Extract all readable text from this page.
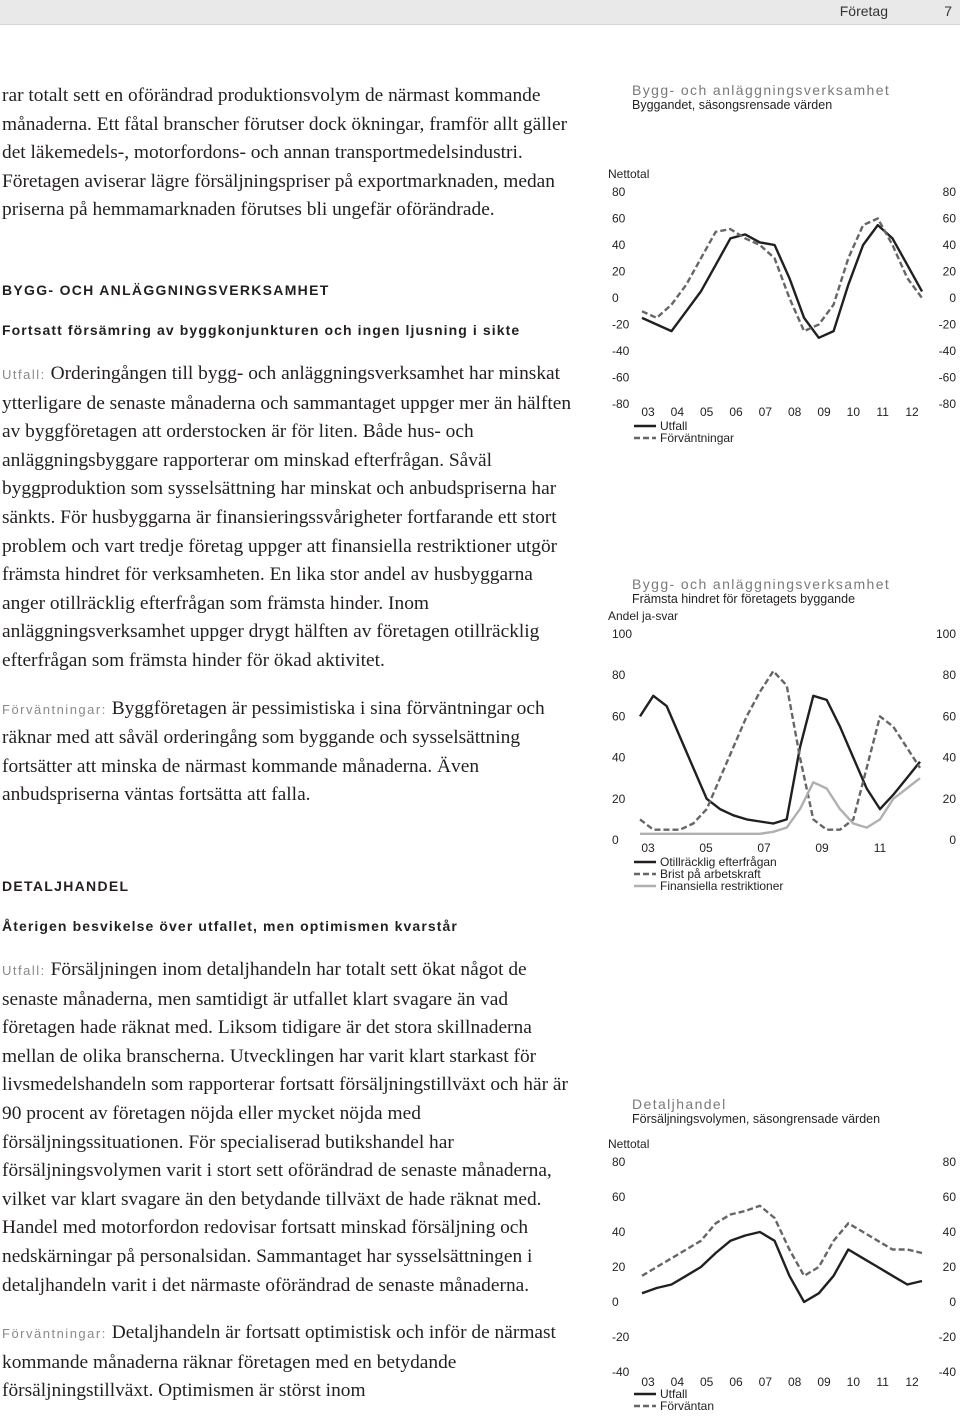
Företag	7

rar totalt sett en oförändrad produktionsvolym de närmast kommande månaderna. Ett fåtal branscher förutser dock ökningar, framför allt gäller det läkemedels-, motorfordons- och annan transportmedelsindustri. Företagen aviserar lägre försäljningspriser på exportmarknaden, medan priserna på hemmamarknaden förutses bli ungefär oförändrade.

BYGG- OCH ANLÄGGNINGSVERKSAMHET
Fortsatt försämring av byggkonjunkturen och ingen ljusning i sikte

Utfall: Orderingången till bygg- och anläggningsverksamhet har minskat ytterligare de senaste månaderna och sammantaget uppger mer än hälften av byggföretagen att orderstocken är för liten. Både hus- och anläggningsbyggare rapporterar om minskad efterfrågan. Såväl byggproduktion som sysselsättning har minskat och anbudspriserna har sänkts. För husbyggarna är finansieringssvårigheter fortfarande ett stort problem och vart tredje företag uppger att finansiella restriktioner utgör främsta hindret för verksamheten. En lika stor andel av husbyggarna anger otillräcklig efterfrågan som främsta hinder. Inom anläggningsverksamhet uppger drygt hälften av företagen otillräcklig efterfrågan som främsta hinder för ökad aktivitet.

Förväntningar: Byggföretagen är pessimistiska i sina förväntningar och räknar med att såväl orderingång som byggande och sysselsättning fortsätter att minska de närmast kommande månaderna. Även anbudspriserna väntas fortsätta att falla.

DETALJHANDEL
Återigen besvikelse över utfallet, men optimismen kvarstår

Utfall: Försäljningen inom detaljhandeln har totalt sett ökat något de senaste månaderna, men samtidigt är utfallet klart svagare än vad företagen hade räknat med. Liksom tidigare är det stora skillnaderna mellan de olika branscherna. Utvecklingen har varit klart starkast för livsmedelshandeln som rapporterar fortsatt försäljningstillväxt och här är 90 procent av företagen nöjda eller mycket nöjda med försäljningssituationen. För specialiserad butikshandel har försäljningsvolymen varit i stort sett oförändrad de senaste månaderna, vilket var klart svagare än den betydande tillväxt de hade räknat med. Handel med motorfordon redovisar fortsatt minskad försäljning och nedskärningar på personalsidan. Sammantaget har sysselsättningen i detaljhandeln varit i det närmaste oförändrad de senaste månaderna.

Förväntningar: Detaljhandeln är fortsatt optimistisk och inför de närmast kommande månaderna räknar företagen med en betydande försäljningstillväxt. Optimismen är störst inom

Bygg- och anläggningsverksamhet

Byggandet, säsongsrensade värden

Nettotal
80	80
60	60
40	40
20	20
0	0
-20	-20
-40	-40
-60	-60
-80	-80
03 04 05 06 07 08 09 10 11 12
Utfall
Förväntningar

Bygg- och anläggningsverksamhet

Främsta hindret för företagets byggande

Andel ja-svar
100	100
80	80
60	60
40	40
20	20
0	0
03	05	07	09	11
Otillräcklig efterfrågan
Brist på arbetskraft
Finansiella restriktioner

Detaljhandel

Försäljningsvolymen, säsongrensade värden

Nettotal
80	80
60	60
40	40
20	20
0	0
-20	-20
-40	-40
03 04 05 06 07 08 09 10 11 12
Utfall
Förväntan
